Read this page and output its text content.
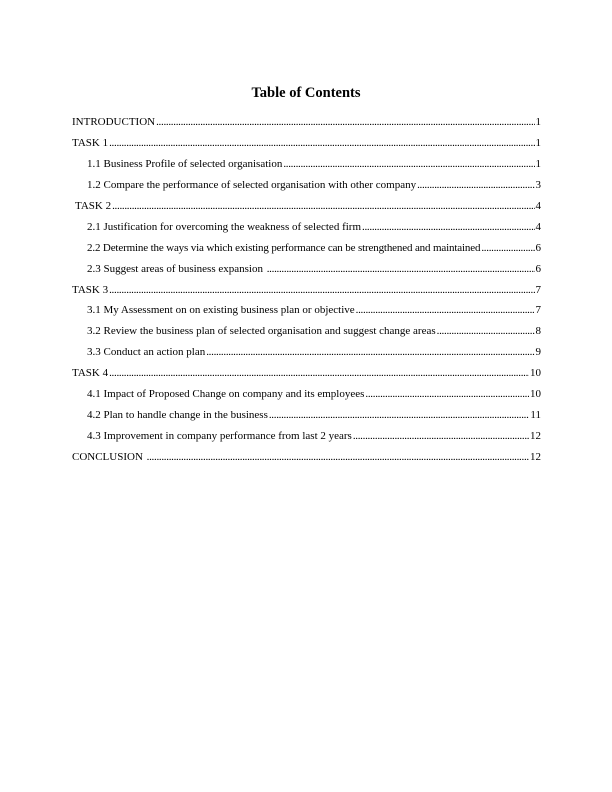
Table of Contents
INTRODUCTION .....	1
TASK 1 .....	1
1.1 Business Profile of selected organisation .....	1
1.2 Compare the performance of selected organisation with other company .....	3
TASK 2 .....	4
2.1 Justification for overcoming the weakness of selected firm .....	4
2.2 Determine the ways via which existing performance can be strengthened and maintained .....	6
2.3 Suggest areas of business expansion .....	6
TASK 3 .....	7
3.1 My Assessment on on existing business plan or objective .....	7
3.2 Review the business plan of selected organisation and suggest change areas .....	8
3.3 Conduct an action plan .....	9
TASK 4 .....	10
4.1 Impact of Proposed Change on company and its employees .....	10
4.2 Plan to handle change in the business .....	11
4.3 Improvement in company performance from last 2 years .....	12
CONCLUSION .....	12
